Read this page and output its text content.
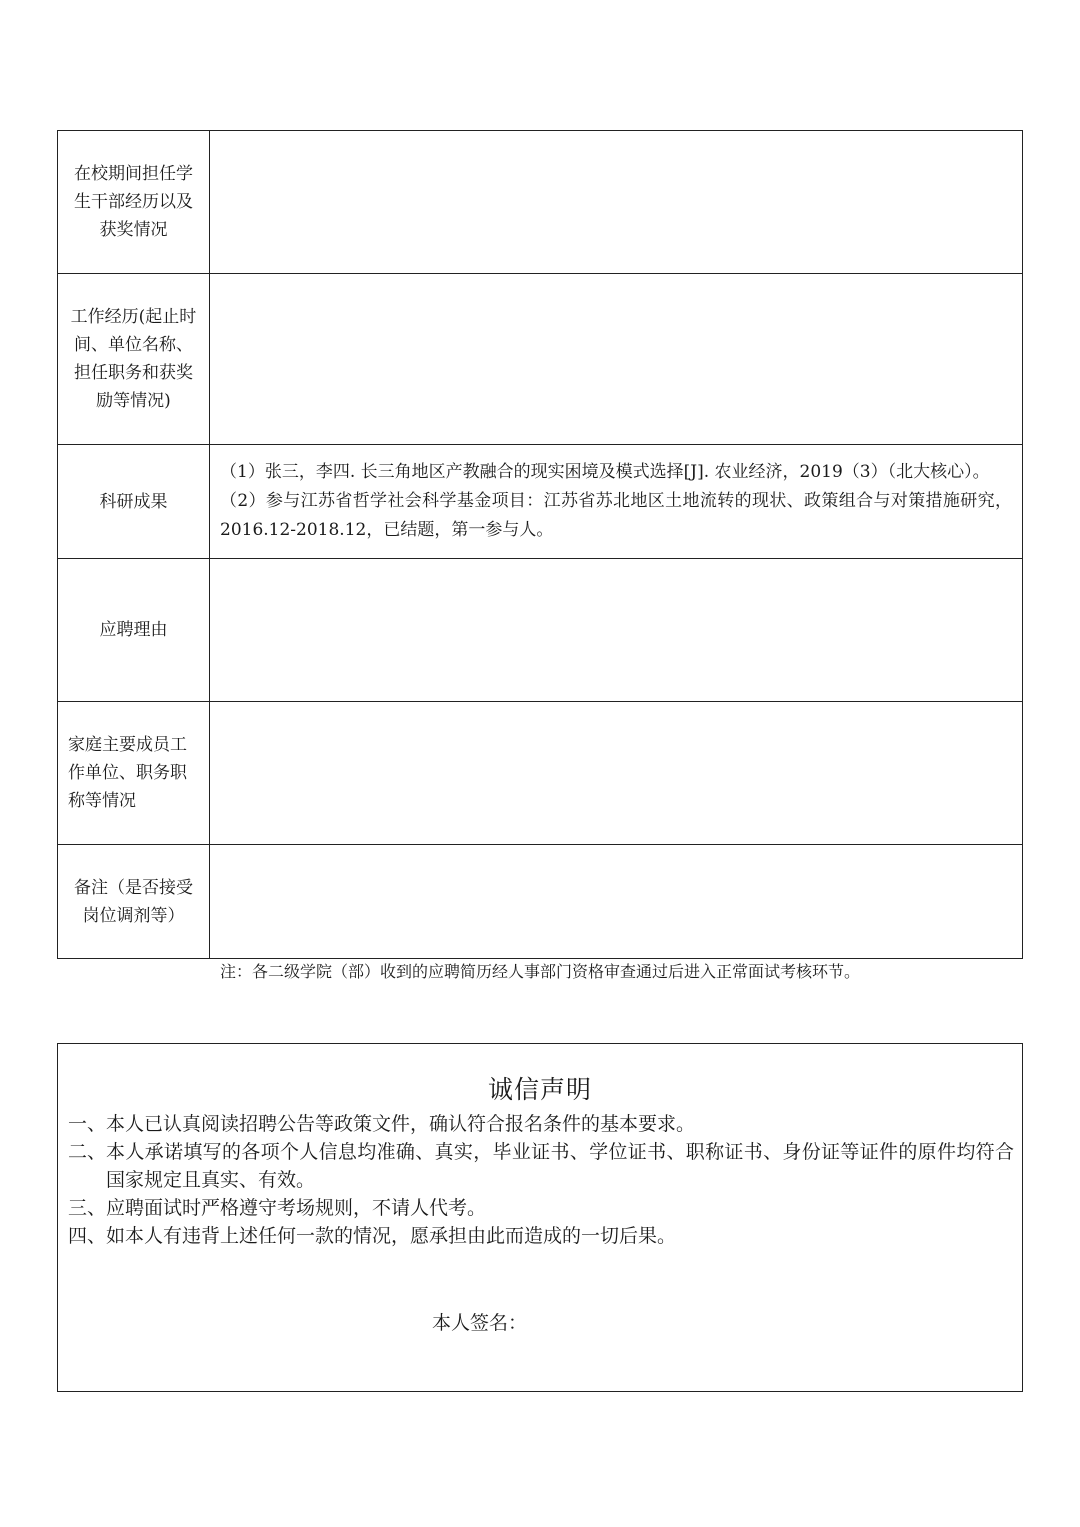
在校期间担任学生干部经历以及获奖情况	
工作经历(起止时间、单位名称、担任职务和获奖励等情况)	
科研成果	（1）张三，李四. 长三角地区产教融合的现实困境及模式选择[J]. 农业经济，2019（3）（北大核心）。

（2）参与江苏省哲学社会科学基金项目：江苏省苏北地区土地流转的现状、政策组合与对策措施研究，2016.12-2018.12，已结题，第一参与人。

应聘理由	
家庭主要成员工作单位、职务职称等情况	
备注（是否接受岗位调剂等）	
注：各二级学院（部）收到的应聘简历经人事部门资格审查通过后进入正常面试考核环节。
诚信声明
一、 本人已认真阅读招聘公告等政策文件，确认符合报名条件的基本要求。
二、 本人承诺填写的各项个人信息均准确、真实，毕业证书、学位证书、职称证书、身份证等证件的原件均符合国家规定且真实、有效。
三、 应聘面试时严格遵守考场规则，不请人代考。
四、 如本人有违背上述任何一款的情况，愿承担由此而造成的一切后果。
本人签名：
